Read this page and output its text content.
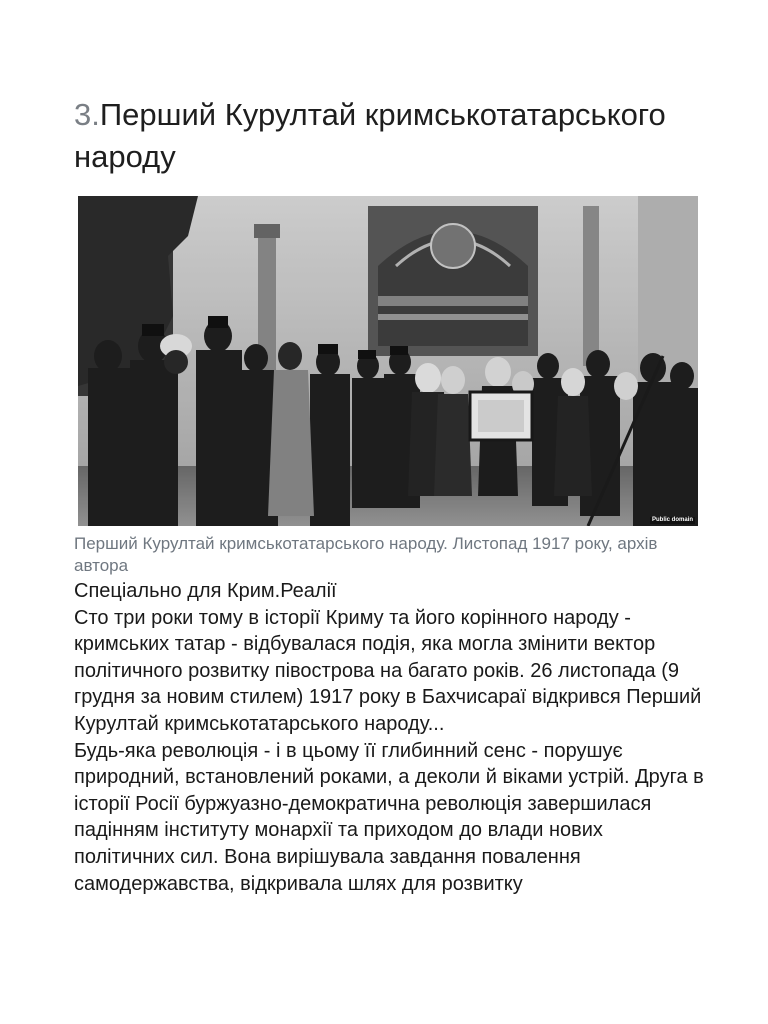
3.Перший Курултай кримськотатарського народу
Public domain

Перший Курултай кримськотатарського народу. Листопад 1917 року, архів автора

Спеціально для Крим.Реалії

Сто три роки тому в історії Криму та його корінного народу - кримських татар - відбувалася подія, яка могла змінити вектор політичного розвитку півострова на багато років. 26 листопада (9 грудня за новим стилем) 1917 року в Бахчисараї відкрився Перший Курултай кримськотатарського народу...

Будь-яка революція - і в цьому її глибинний сенс - порушує природний, встановлений роками, а деколи й віками устрій. Друга в історії Росії буржуазно-демократична революція завершилася падінням інституту монархії та приходом до влади нових політичних сил. Вона вирішувала завдання повалення самодержавства, відкривала шлях для розвитку
